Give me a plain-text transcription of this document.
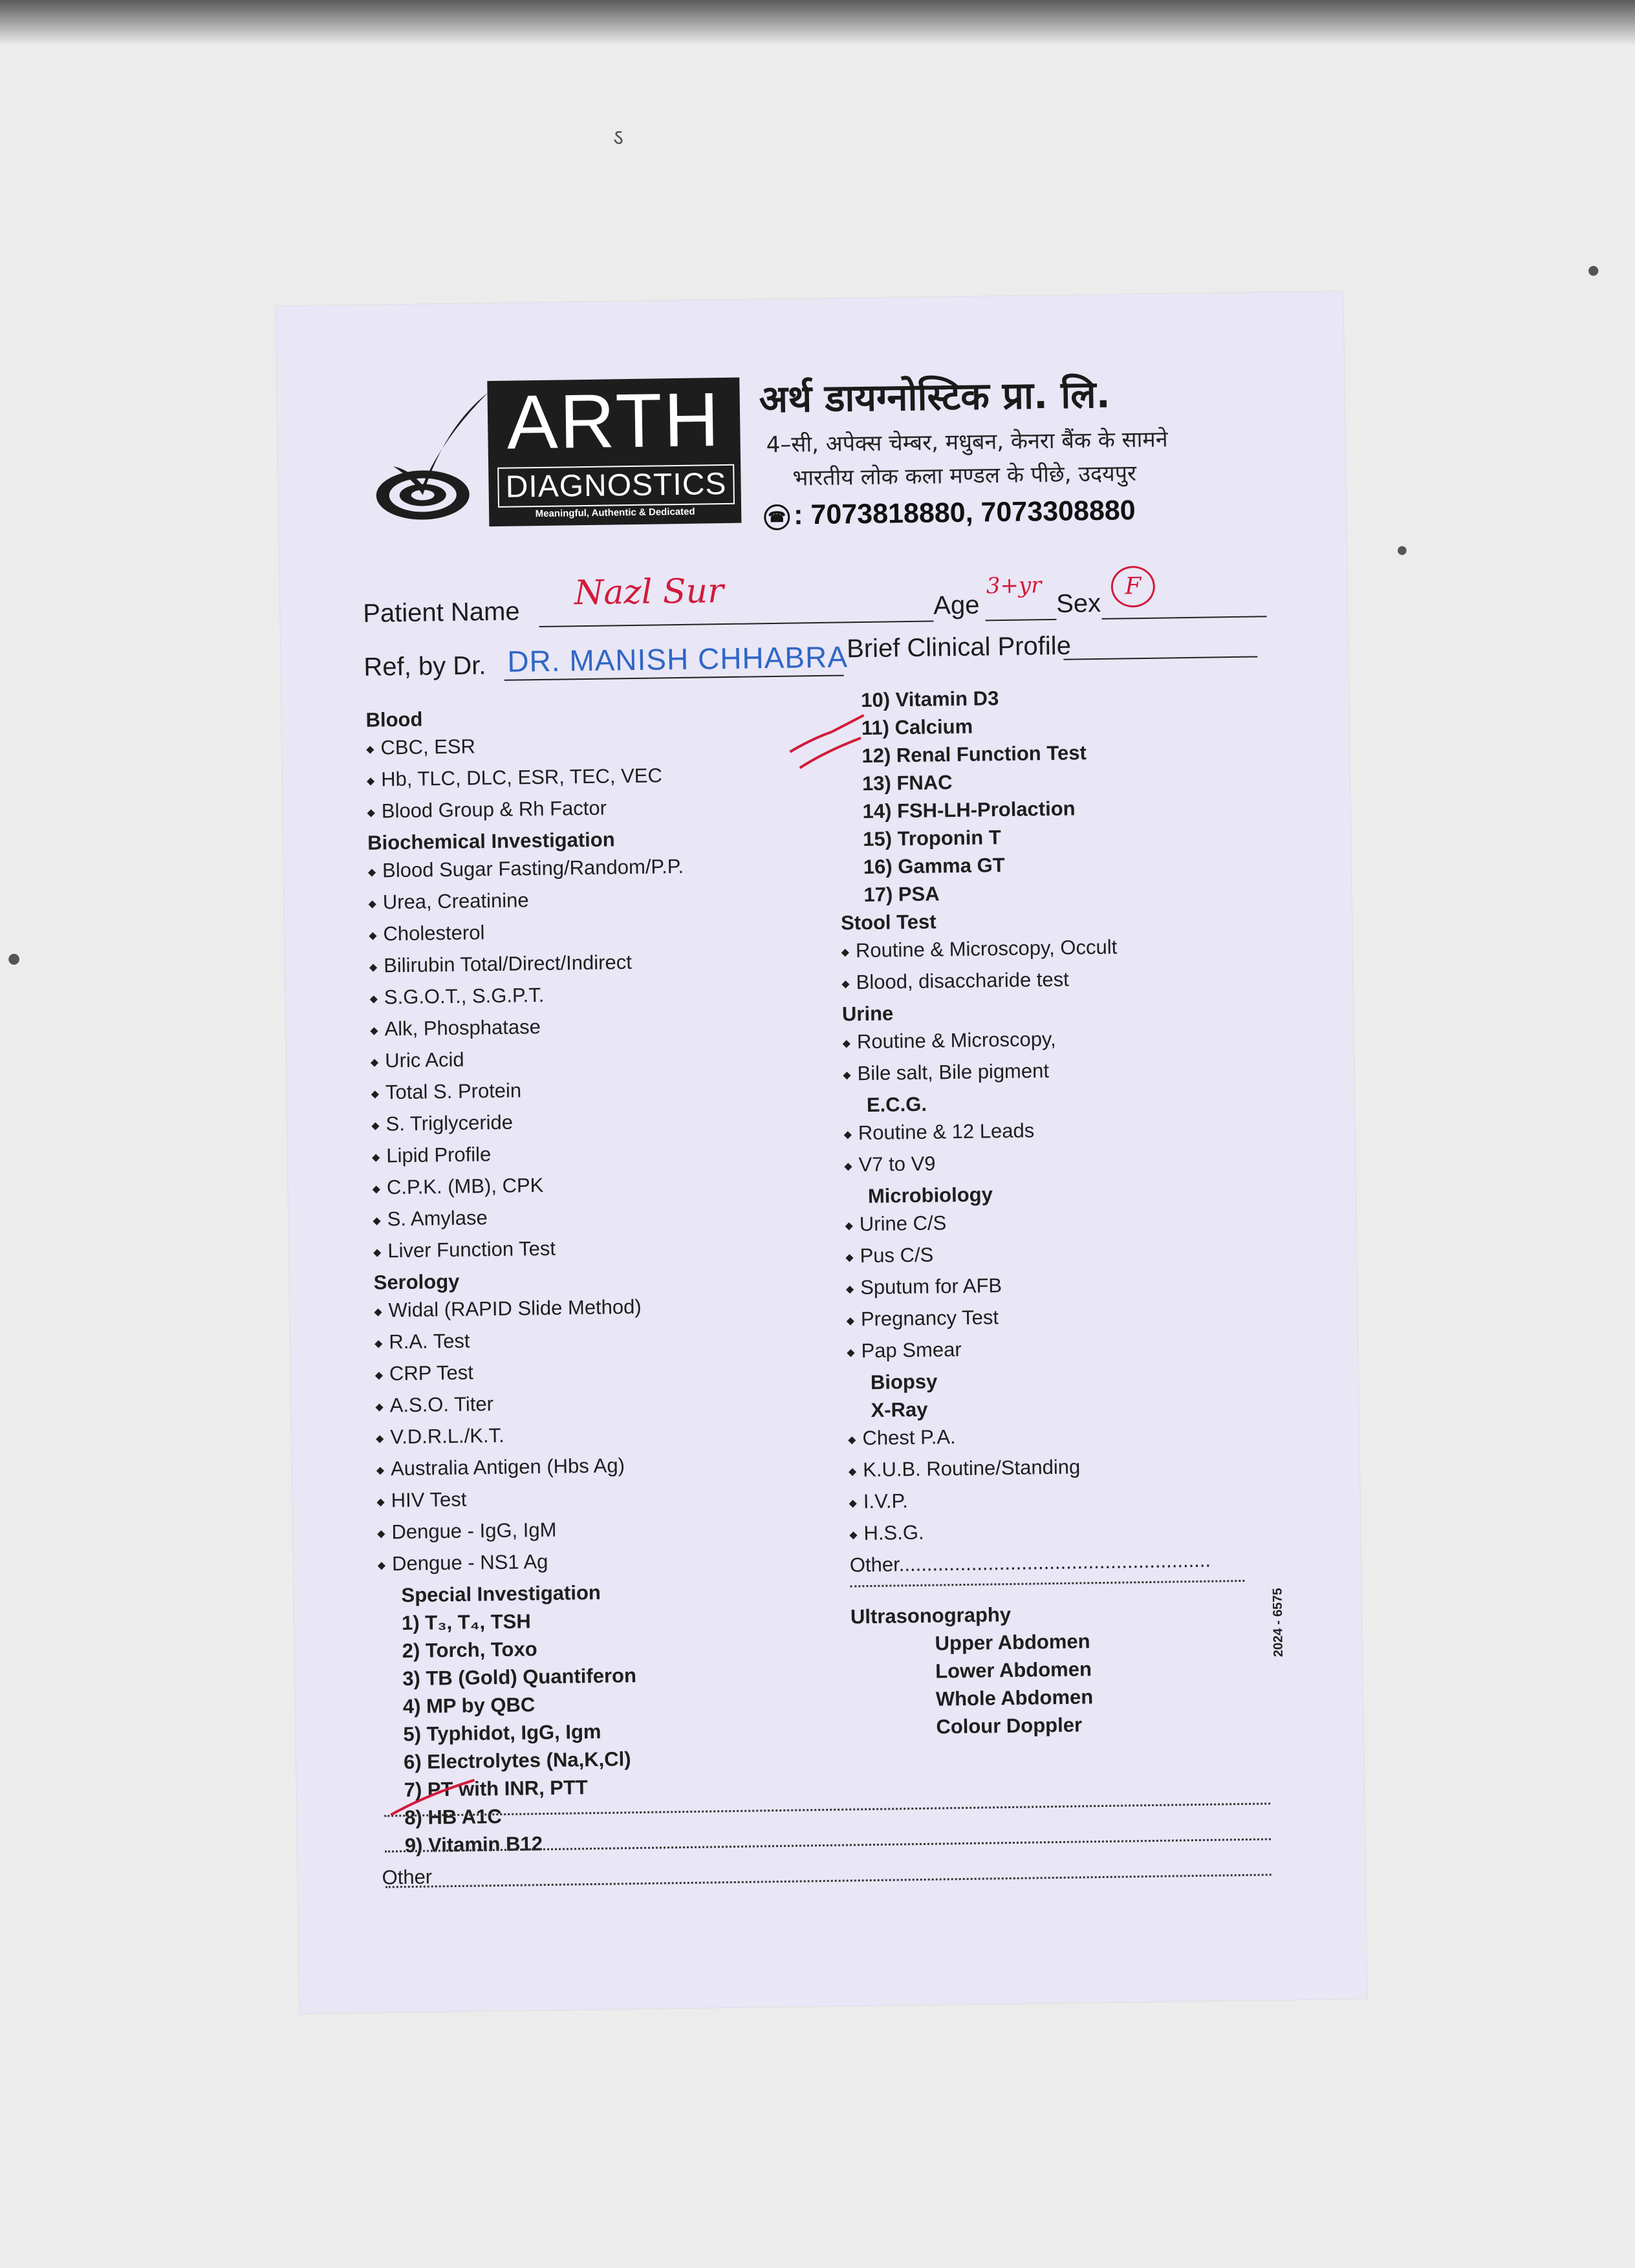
ऽ
●
●
●
ARTH
DIAGNOSTICS
Meaningful, Authentic & Dedicated
अर्थ डायग्नोस्टिक प्रा. लि.
4–सी, अपेक्स चेम्बर, मधुबन, केनरा बैंक के सामने
भारतीय लोक कला मण्डल के पीछे, उदयपुर
☎ : 7073818880, 7073308880
Patient Name Nazl Sur	Age
3+yr
Sex
F
Ref, by Dr. DR. MANISH CHHABRA
Brief Clinical Profile
Blood
◆ CBC, ESR
◆ Hb, TLC, DLC, ESR, TEC, VEC
◆ Blood Group & Rh Factor
Biochemical Investigation
◆ Blood Sugar Fasting/Random/P.P.
◆ Urea, Creatinine
◆ Cholesterol
◆ Bilirubin Total/Direct/Indirect
◆ S.G.O.T., S.G.P.T.
◆ Alk, Phosphatase
◆ Uric Acid
◆ Total S. Protein
◆ S. Triglyceride
◆ Lipid Profile
◆ C.P.K. (MB), CPK
◆ S. Amylase
◆ Liver Function Test
Serology
◆ Widal (RAPID Slide Method)
◆ R.A. Test
◆ CRP Test
◆ A.S.O. Titer
◆ V.D.R.L./K.T.
◆ Australia Antigen (Hbs Ag)
◆ HIV Test
◆ Dengue - IgG, IgM
◆ Dengue - NS1 Ag
Special Investigation
1) T₃, T₄, TSH
2) Torch, Toxo
3) TB (Gold) Quantiferon
4) MP by QBC
5) Typhidot, IgG, Igm
6) Electrolytes (Na,K,Cl)
7) PT with INR, PTT
8) HB A1C
9) Vitamin B12
Other
10) Vitamin D3
11) Calcium
12) Renal Function Test
13) FNAC
14) FSH-LH-Prolaction
15) Troponin T
16) Gamma GT
17) PSA
Stool Test
◆ Routine & Microscopy, Occult
◆ Blood, disaccharide test
Urine
◆ Routine & Microscopy,
◆ Bile salt, Bile pigment
E.C.G.
◆ Routine & 12 Leads
◆ V7 to V9
Microbiology
◆ Urine C/S
◆ Pus C/S
◆ Sputum for AFB
◆ Pregnancy Test
◆ Pap Smear
Biopsy
X-Ray
◆ Chest P.A.
◆ K.U.B. Routine/Standing
◆ I.V.P.
◆ H.S.G.
Other........................................................
Ultrasonography
Upper Abdomen
Lower Abdomen
Whole Abdomen
Colour Doppler
2024 - 6575
